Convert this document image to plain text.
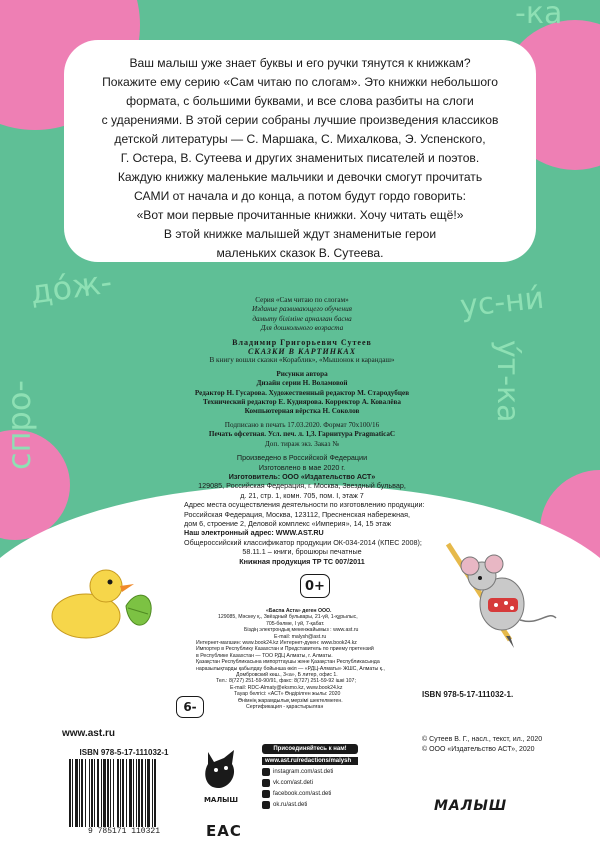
-ка
до́ж-	ус-ни́
спро-	у́т-ка

Ваш малыш уже знает буквы и его ручки тянутся к книжкам?

Покажите ему серию «Сам читаю по слогам». Это книжки небольшого

формата, с большими буквами, и все слова разбиты на слоги

с ударениями. В этой серии собраны лучшие произведения классиков

детской литературы — С. Маршака, С. Михалкова, Э. Успенского,

Г. Остера, В. Сутеева и других знаменитых писателей и поэтов.

Каждую книжку маленькие мальчики и девочки смогут прочитать

САМИ от начала и до конца, а потом будут гордо говорить:

«Вот мои первые прочитанные книжки. Хочу читать ещё!»

В этой книжке малышей ждут знаменитые герои

маленьких сказок В. Сутеева.

Серия «Сам читаю по слогам»

Издание развивающего обучения

дамыту бiлiмiне арналған басна

Для дошкольного возраста

Владимир Григорьевич Сутеев

СКАЗКИ В КАРТИНКАХ

В книгу вошли сказки «Кораблик», «Мышонок и карандаш»

Рисунки автора

Дизайн серии Н. Воламовой

Редактор Н. Гусарова. Художественный редактор М. Стародубцев

Технический редактор Е. Кудиярова. Корректор А. Ковалёва

Компьютерная вёрстка Н. Соколов

Подписано в печать 17.03.2020. Формат 70x100/16

Печать офсетная. Усл. печ. л. 1,3. Гарнитура PragmaticaC

Доп. тираж экз. Заказ №

Произведено в Российской Федерации

Изготовлено в мае 2020 г.

Изготовитель: ООО «Издательство АСТ»

129085, Российская Федерация, г. Москва, Звездный бульвар,

д. 21, стр. 1, комн. 705, пом. I, этаж 7

Адрес места осуществления деятельности по изготовлению продукции:

Российская Федерация, Москва, 123112, Пресненская набережная,

дом 6, строение 2, Деловой комплекс «Империя», 14, 15 этаж

Наш электронный адрес: WWW.AST.RU

Общероссийский классификатор продукции ОК-034-2014 (КПЕС 2008);

58.11.1 – книги, брошюры печатные

Книжная продукция ТР ТС 007/2011

0+

«Баспа Аста» деген ООО.

129085, Мәскеу қ., Звёздный бульвары, 21-үй, 1-құрылыс,

705-бөлме, I үй, 7-қабат.

Біздің электрондық мекенжайымыз : www.ast.ru

E-mail: malysh@ast.ru

Интернет-магазин: www.book24.kz Интернет-дүкен: www.book24.kz

Импортер в Республику Казахстан и Представитель по приему претензий

в Республике Казахстан — ТОО РДЦ Алматы, г. Алматы.

Қазақстан Республикасына импорттаушы және Қазақстан Республикасында

наразылықтарды қабылдау бойынша өкіл — «РДЦ-Алматы» ЖШС, Алматы қ.,

Домбровский көш., 3«а», Б литер, офис 1.

Тел.: 8(727) 251-59-90/91, факс: 8(727) 251-59-92 ішкі 107;

E-mail: RDC-Almaty@eksmo.kz, www.book24.kz

Тауар белгісі: «АСТ» Өндірілген жылы: 2020

Өнімнің жарамдылық мерзімі шектелмеген.

Сертификация - қарастырылған

6-
ISBN 978-5-17-111032-1.
© Сутеев В. Г., насл., текст, ил., 2020
© ООО «Издательство АСТ», 2020
www.ast.ru

ISBN 978-5-17-111032-1

9 785171 110321

МАЛЫШ
ЕАС
Присоединяйтесь к нам!
www.ast.ru/redactions/malysh
instagram.com/ast.deti
vk.com/ast.deti
facebook.com/ast.deti
ok.ru/ast.deti	МАЛЫШ
